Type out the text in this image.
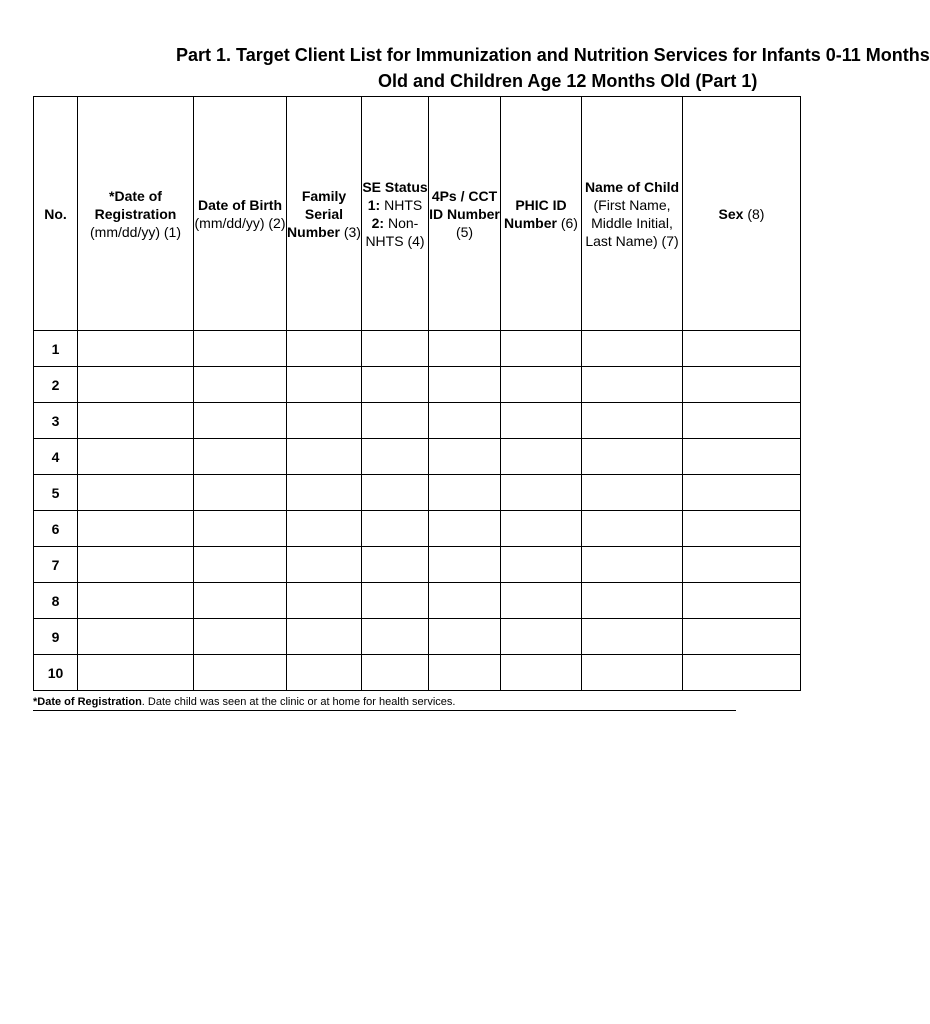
Part 1. Target Client List for Immunization and Nutrition Services for Infants 0-11 Months
Old and Children Age 12 Months Old (Part 1)
No.	*Date of Registration (mm/dd/yy) (1)	Date of Birth (mm/dd/yy) (2)	Family Serial Number (3)	SE Status 1: NHTS 2: Non-NHTS (4)	4Ps / CCT ID Number (5)	PHIC ID Number (6)	Name of Child (First Name, Middle Initial, Last Name) (7)	Sex (8)
1								
2								
3								
4								
5								
6								
7								
8								
9								
10								
*Date of Registration. Date child was seen at the clinic or at home for health services.
